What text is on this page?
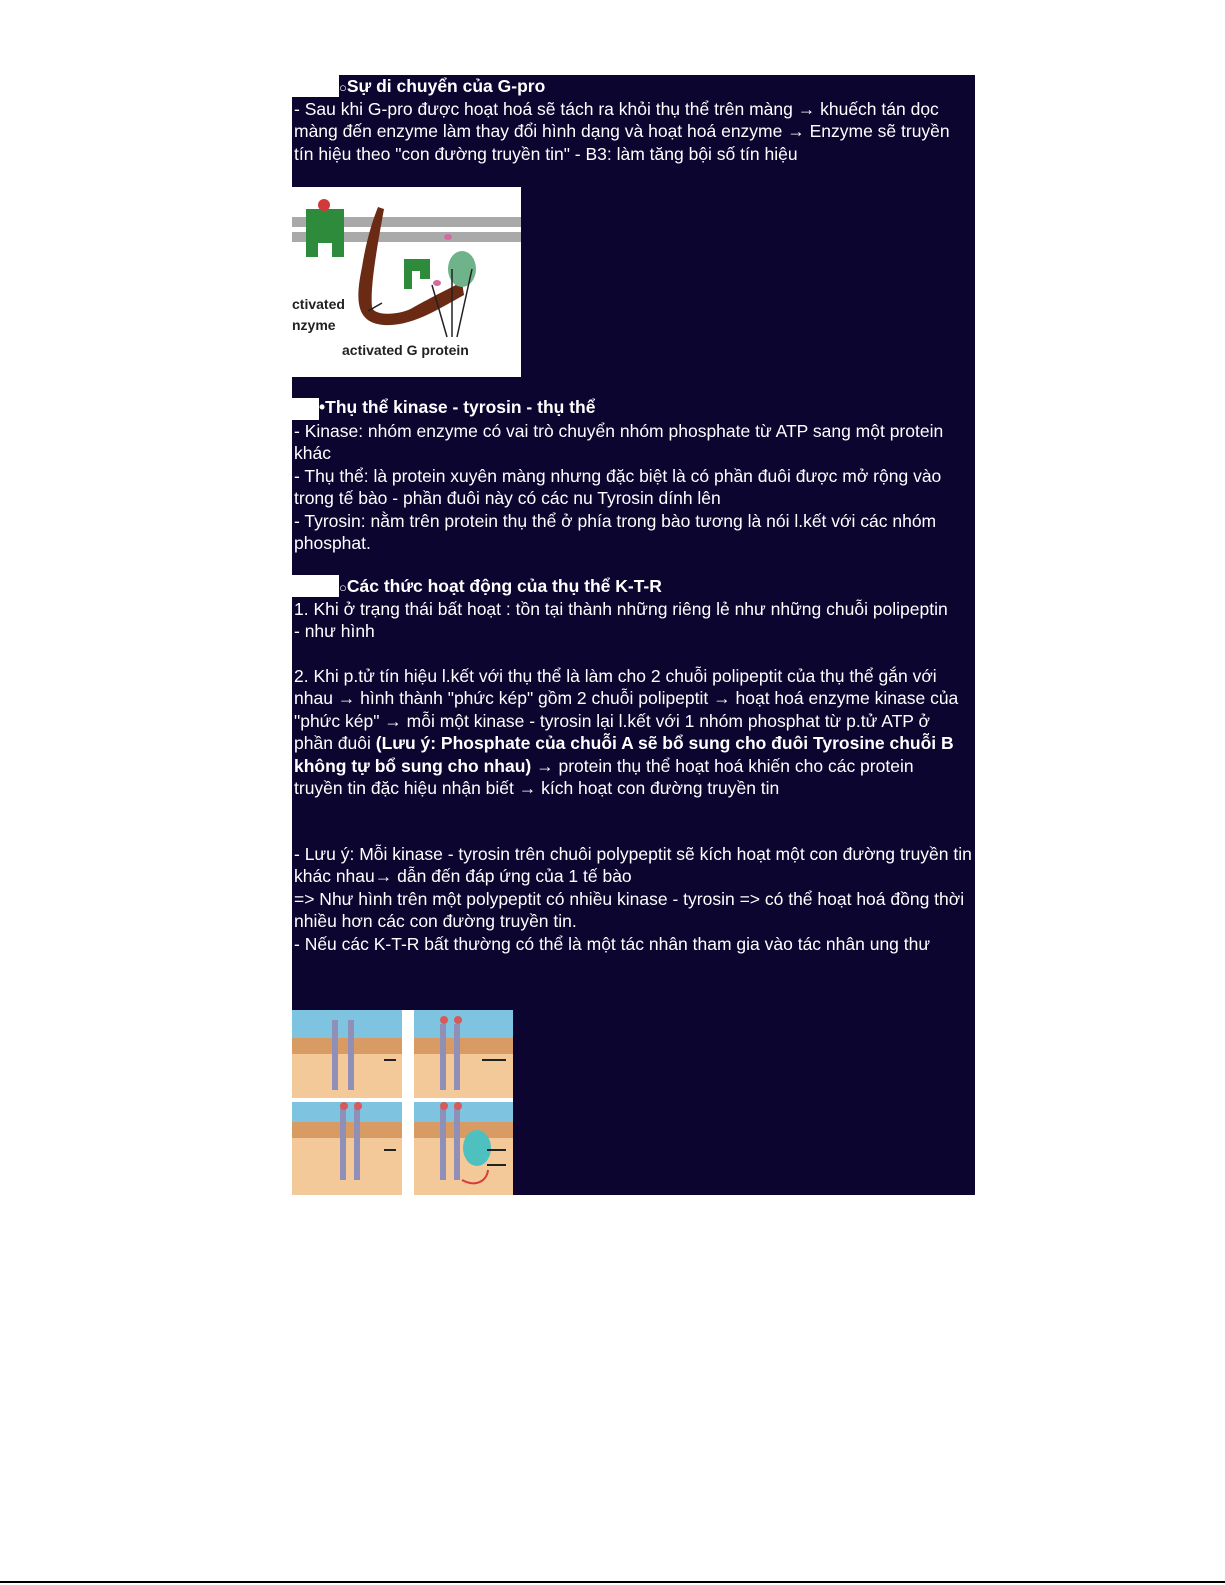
○Sự di chuyển của G-pro
- Sau khi G-pro được hoạt hoá sẽ tách ra khỏi thụ thể trên màng → khuếch tán dọc màng đến enzyme làm thay đổi hình dạng và hoạt hoá enzyme → Enzyme sẽ truyền tín hiệu theo "con đường truyền tin" - B3: làm tăng bội số tín hiệu
ctivated
nzyme
activated G protein
•Thụ thể kinase - tyrosin - thụ thể
- Kinase: nhóm enzyme có vai trò chuyển nhóm phosphate từ ATP sang một protein khác
- Thụ thể: là protein xuyên màng nhưng đặc biệt là có phần đuôi được mở rộng vào trong tế bào - phần đuôi này có các nu Tyrosin dính lên
- Tyrosin: nằm trên protein thụ thể ở phía trong bào tương là nói l.kết với các nhóm phosphat.
○Các thức hoạt động của thụ thể K-T-R
1. Khi ở trạng thái bất hoạt : tồn tại thành những riêng lẻ như những chuỗi polipeptin - như hình
2. Khi p.tử tín hiệu l.kết với thụ thể là làm cho 2 chuỗi polipeptit của thụ thể gắn với nhau → hình thành "phức kép" gồm 2 chuỗi polipeptit → hoạt hoá enzyme kinase của "phức kép" → mỗi một kinase - tyrosin lại l.kết với 1 nhóm phosphat từ p.tử ATP ở phần đuôi (Lưu ý: Phosphate của chuỗi A sẽ bổ sung cho đuôi Tyrosine chuỗi B không tự bổ sung cho nhau) → protein thụ thể hoạt hoá khiến cho các protein truyền tin đặc hiệu nhận biết → kích hoạt con đường truyền tin
- Lưu ý: Mỗi kinase - tyrosin trên chuôi polypeptit sẽ kích hoạt một con đường truyền tin khác nhau→ dẫn đến đáp ứng của 1 tế bào
=> Như hình trên một polypeptit có nhiều kinase - tyrosin => có thể hoạt hoá đồng thời nhiều hơn các con đường truyền tin.
- Nếu các K-T-R bất thường có thể là một tác nhân tham gia vào tác nhân ung thư
